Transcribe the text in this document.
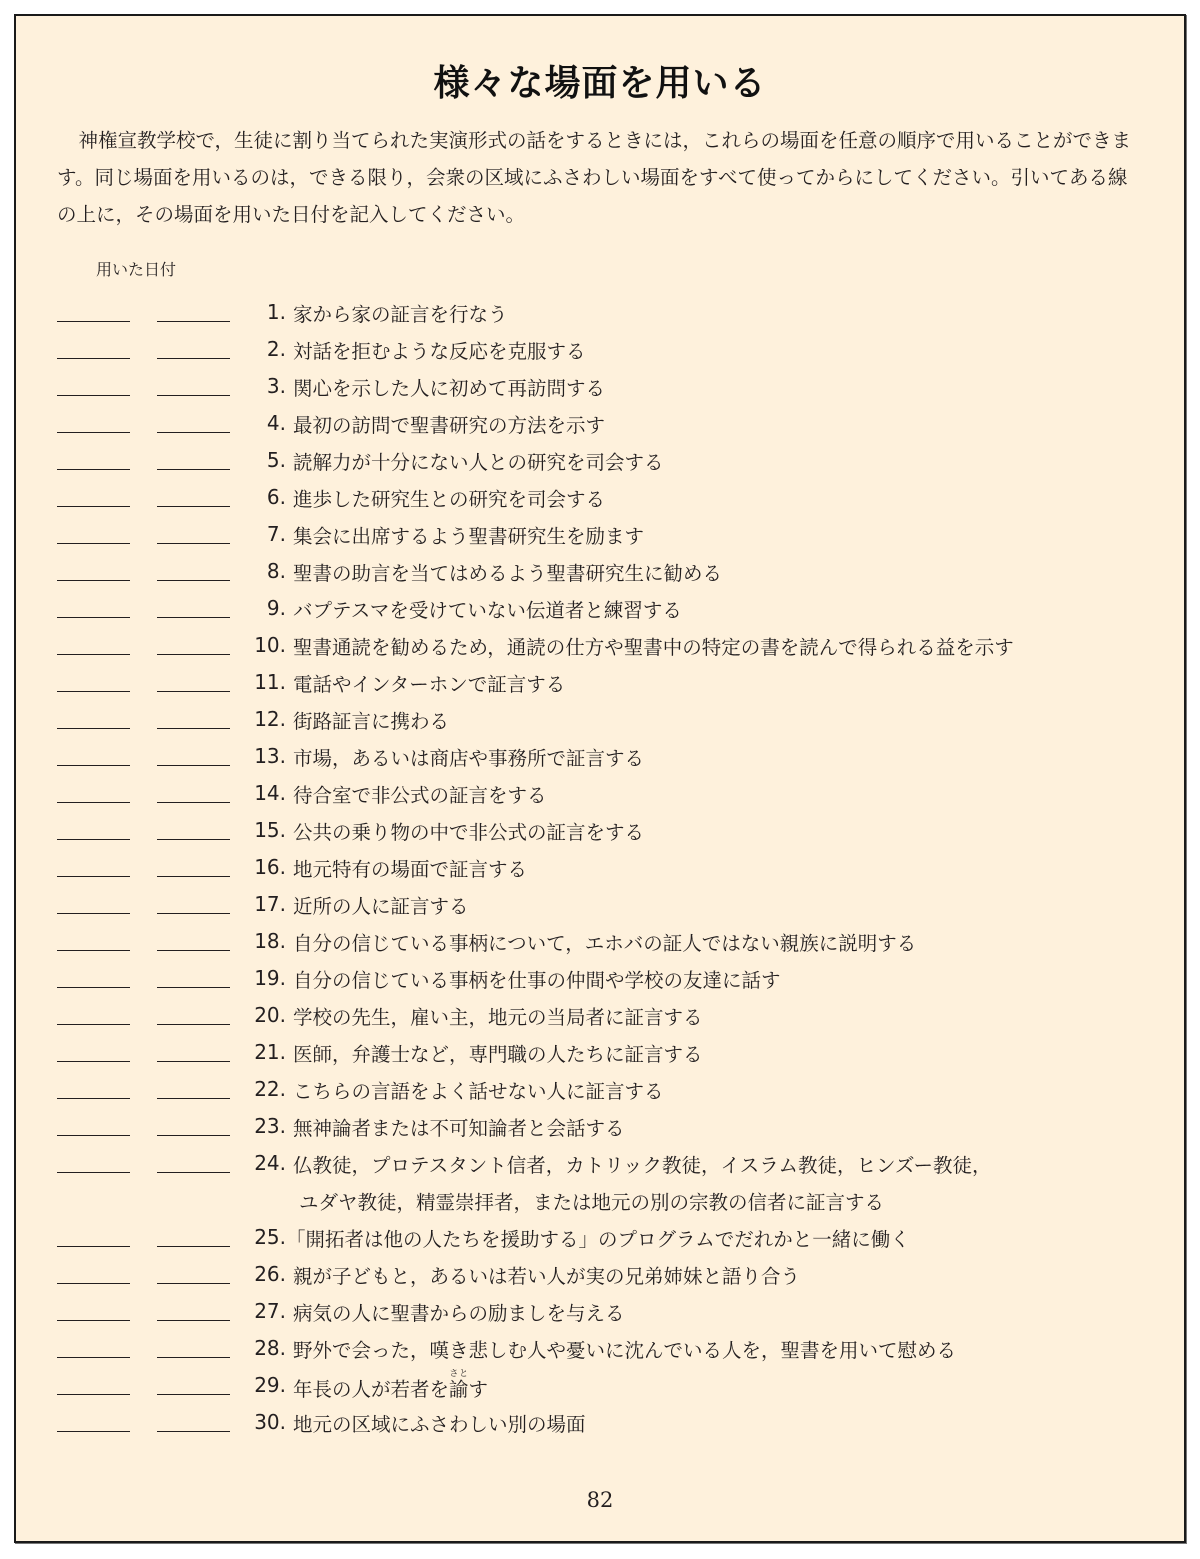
様々な場面を用いる

神権宣教学校で，生徒に割り当てられた実演形式の話をするときには，これらの場面を任意の順序で用いることができます。同じ場面を用いるのは，できる限り，会衆の区域にふさわしい場面をすべて使ってからにしてください。引いてある線の上に，その場面を用いた日付を記入してください。

用いた日付
1. 家から家の証言を行なう
2. 対話を拒むような反応を克服する
3. 関心を示した人に初めて再訪問する
4. 最初の訪問で聖書研究の方法を示す
5. 読解力が十分にない人との研究を司会する
6. 進歩した研究生との研究を司会する
7. 集会に出席するよう聖書研究生を励ます
8. 聖書の助言を当てはめるよう聖書研究生に勧める
9. バプテスマを受けていない伝道者と練習する
10. 聖書通読を勧めるため，通読の仕方や聖書中の特定の書を読んで得られる益を示す
11. 電話やインターホンで証言する
12. 街路証言に携わる
13. 市場，あるいは商店や事務所で証言する
14. 待合室で非公式の証言をする
15. 公共の乗り物の中で非公式の証言をする
16. 地元特有の場面で証言する
17. 近所の人に証言する
18. 自分の信じている事柄について，エホバの証人ではない親族に説明する
19. 自分の信じている事柄を仕事の仲間や学校の友達に話す
20. 学校の先生，雇い主，地元の当局者に証言する
21. 医師，弁護士など，専門職の人たちに証言する
22. こちらの言語をよく話せない人に証言する
23. 無神論者または不可知論者と会話する
24. 仏教徒，プロテスタント信者，カトリック教徒，イスラム教徒，ヒンズー教徒，
ユダヤ教徒，精霊崇拝者，または地元の別の宗教の信者に証言する
25. 「開拓者は他の人たちを援助する」のプログラムでだれかと一緒に働く
26. 親が子どもと，あるいは若い人が実の兄弟姉妹と語り合う
27. 病気の人に聖書からの励ましを与える
28. 野外で会った，嘆き悲しむ人や憂いに沈んでいる人を，聖書を用いて慰める
29. 年長の人が若者を諭さとす
30. 地元の区域にふさわしい別の場面
82
